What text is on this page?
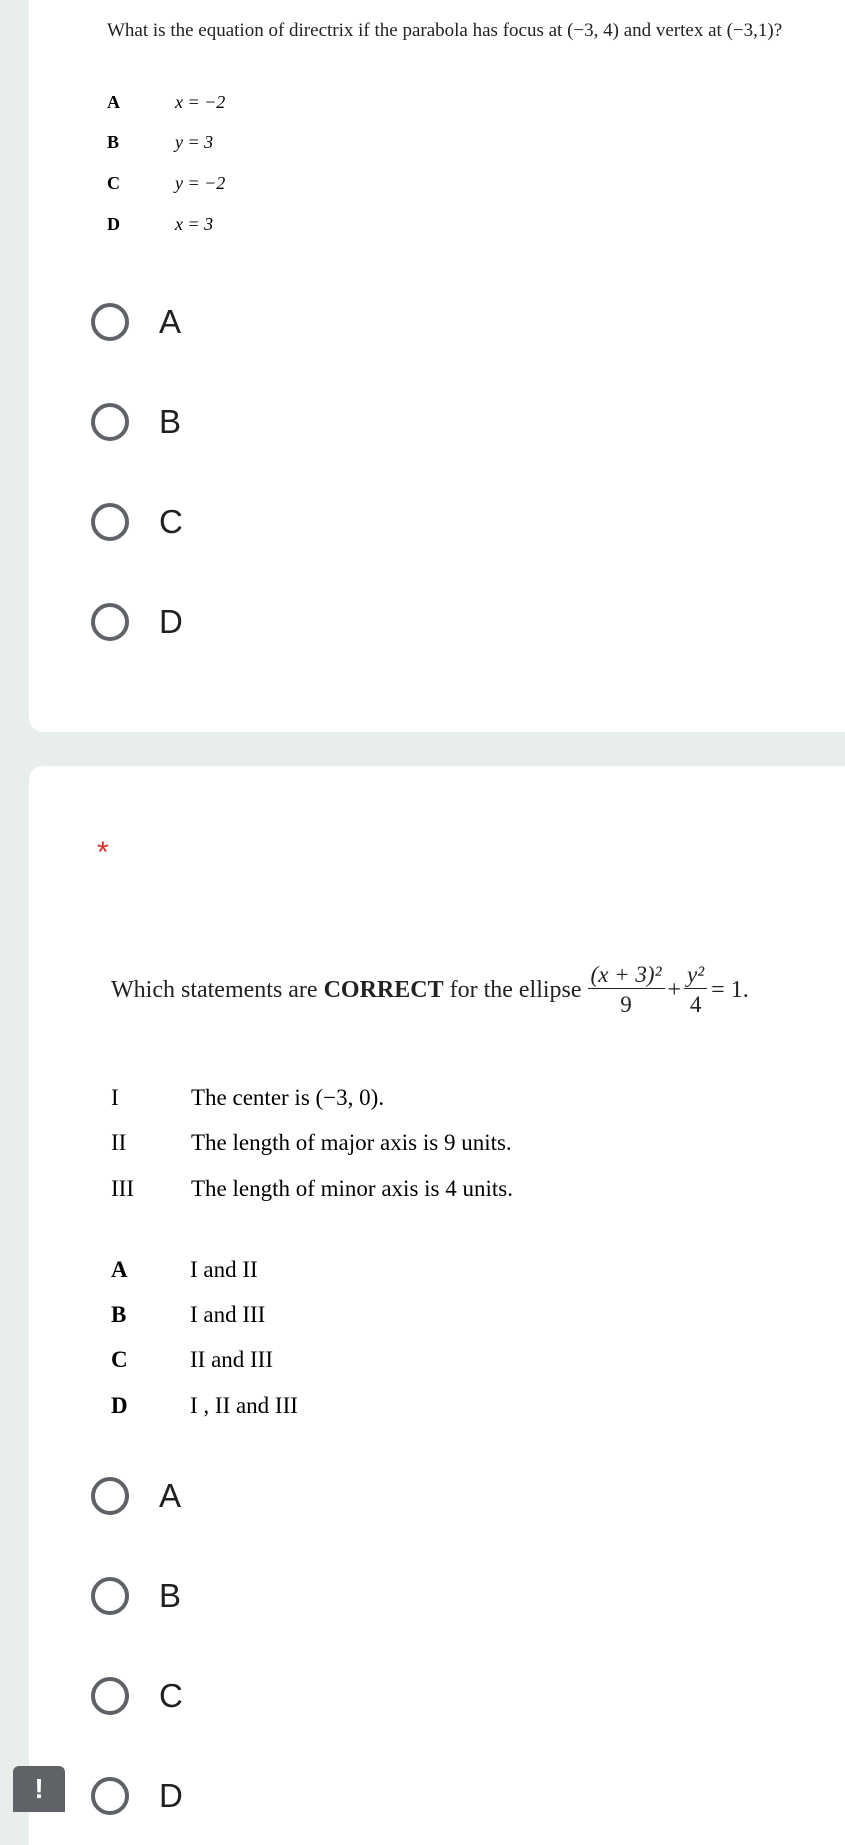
What is the equation of directrix if the parabola has focus at (−3, 4) and vertex at (−3,1)?
A	x = −2
B	y = 3
C	y = −2
D	x = 3
A
B
C
D
*
Which statements are
CORRECT
for the ellipse
$\frac{\text{(x + 3)²}}{9} + \frac{\text{y²}}{4} = 1$.
I	The center is (−3, 0).
II	The length of major axis is 9 units.
III	The length of minor axis is 4 units.
A	I and II
B	I and III
C	II and III
D	I , II and III
A
B
C
D
!
